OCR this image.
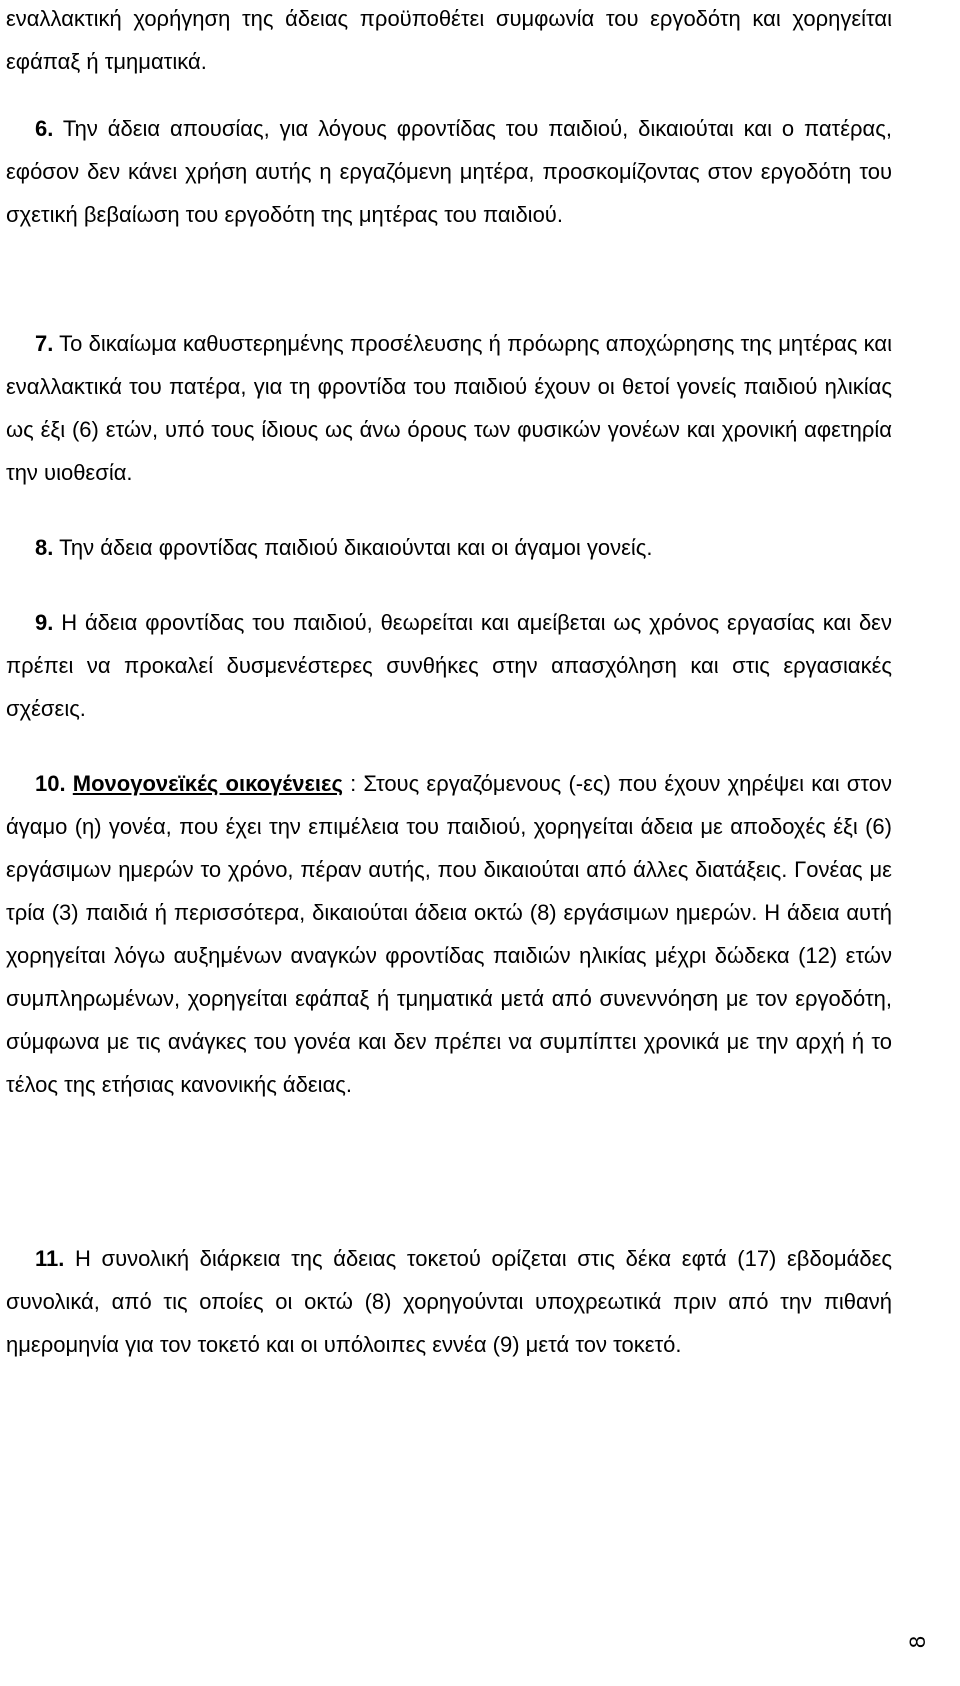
εναλλακτική χορήγηση της άδειας προϋποθέτει συμφωνία του εργοδότη και χορηγείται εφάπαξ ή τμηματικά.

6. Την άδεια απουσίας, για λόγους φροντίδας του παιδιού, δικαιούται και ο πατέρας, εφόσον δεν κάνει χρήση αυτής η εργαζόμενη μητέρα, προσκομίζοντας στον εργοδότη του σχετική βεβαίωση του εργοδότη της μητέρας του παιδιού.

7. Το δικαίωμα καθυστερημένης προσέλευσης ή πρόωρης αποχώρησης της μητέρας και εναλλακτικά του πατέρα, για τη φροντίδα του παιδιού έχουν οι θετοί γονείς παιδιού ηλικίας ως έξι (6) ετών, υπό τους ίδιους ως άνω όρους των φυσικών γονέων και χρονική αφετηρία την υιοθεσία.

8. Την άδεια φροντίδας παιδιού δικαιούνται και οι άγαμοι γονείς.

9. Η άδεια φροντίδας του παιδιού, θεωρείται και αμείβεται ως χρόνος εργασίας και δεν πρέπει να προκαλεί δυσμενέστερες συνθήκες στην απασχόληση και στις εργασιακές σχέσεις.

10. Μονογονεϊκές οικογένειες : Στους εργαζόμενους (-ες) που έχουν χηρέψει και στον άγαμο (η) γονέα, που έχει την επιμέλεια του παιδιού, χορηγείται άδεια με αποδοχές έξι (6) εργάσιμων ημερών το χρόνο, πέραν αυτής, που δικαιούται από άλλες διατάξεις. Γονέας με τρία (3) παιδιά ή περισσότερα, δικαιούται άδεια οκτώ (8) εργάσιμων ημερών. Η άδεια αυτή χορηγείται λόγω αυξημένων αναγκών φροντίδας παιδιών ηλικίας μέχρι δώδεκα (12) ετών συμπληρωμένων, χορηγείται εφάπαξ ή τμηματικά μετά από συνεννόηση με τον εργοδότη, σύμφωνα με τις ανάγκες του γονέα και δεν πρέπει να συμπίπτει χρονικά με την αρχή ή το τέλος της ετήσιας κανονικής άδειας.

11. Η συνολική διάρκεια της άδειας τοκετού ορίζεται στις δέκα εφτά (17) εβδομάδες συνολικά, από τις οποίες οι οκτώ (8) χορηγούνται υποχρεωτικά πριν από την πιθανή ημερομηνία για τον τοκετό και οι υπόλοιπες εννέα (9) μετά τον τοκετό.

8
